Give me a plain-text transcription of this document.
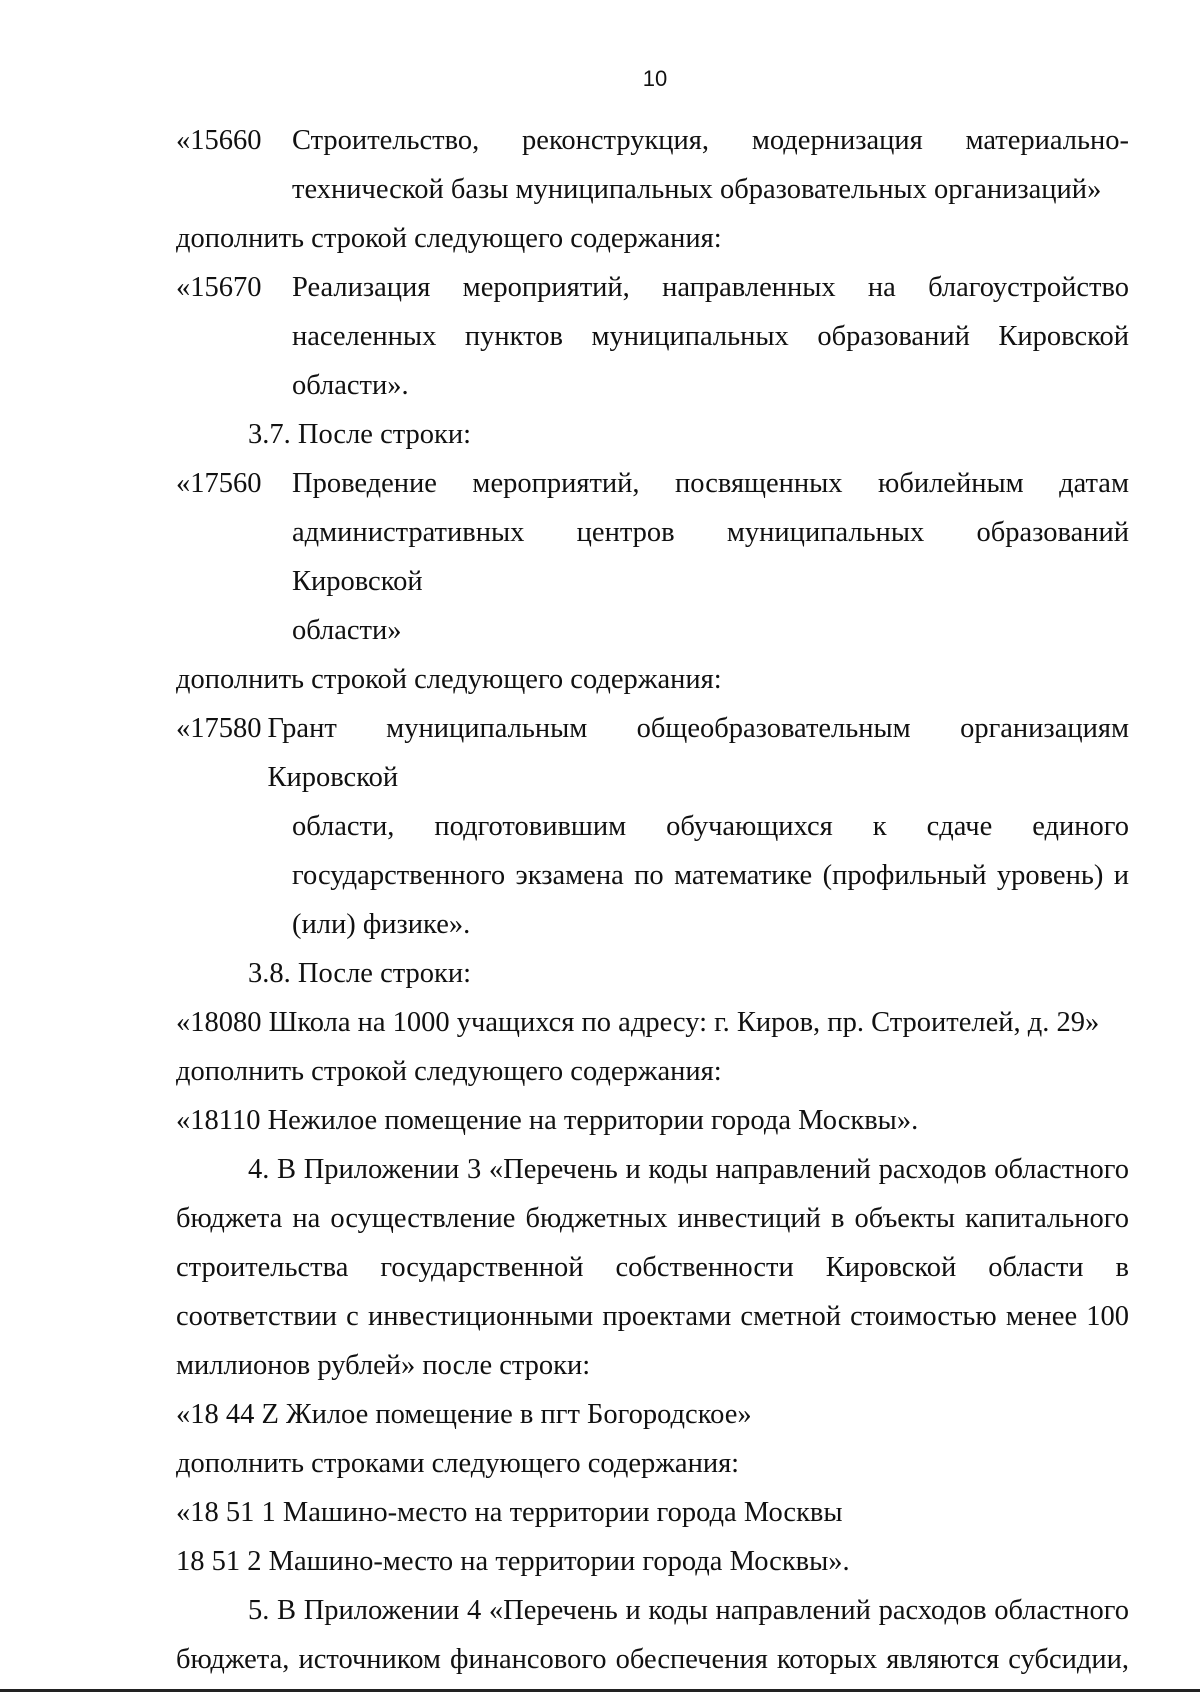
10
«15660	Строительство, реконструкция, модернизация материально-

технической базы муниципальных образовательных организаций»

дополнить строкой следующего содержания:

«15670	Реализация мероприятий, направленных на благоустройство

населенных пунктов муниципальных образований Кировской

области».

3.7. После строки:

«17560	Проведение мероприятий, посвященных юбилейным датам

административных центров муниципальных образований Кировской

области»

дополнить строкой следующего содержания:

«17580 Грант муниципальным общеобразовательным организациям Кировской

области, подготовившим обучающихся к сдаче единого

государственного экзамена по математике (профильный уровень) и

(или) физике».

3.8. После строки:

«18080 Школа на 1000 учащихся по адресу: г. Киров, пр. Строителей, д. 29»

дополнить строкой следующего содержания:

«18110 Нежилое помещение на территории города Москвы».

4. В Приложении 3 «Перечень и коды направлений расходов областного

бюджета на осуществление бюджетных инвестиций в объекты капитального

строительства государственной собственности Кировской области в

соответствии с инвестиционными проектами сметной стоимостью менее 100

миллионов рублей» после строки:

«18 44 Z Жилое помещение в пгт Богородское»

дополнить строками следующего содержания:

«18 51 1 Машино-место на территории города Москвы

18 51 2 Машино-место на территории города Москвы».

5. В Приложении 4 «Перечень и коды направлений расходов областного

бюджета, источником финансового обеспечения которых являются субсидии,
